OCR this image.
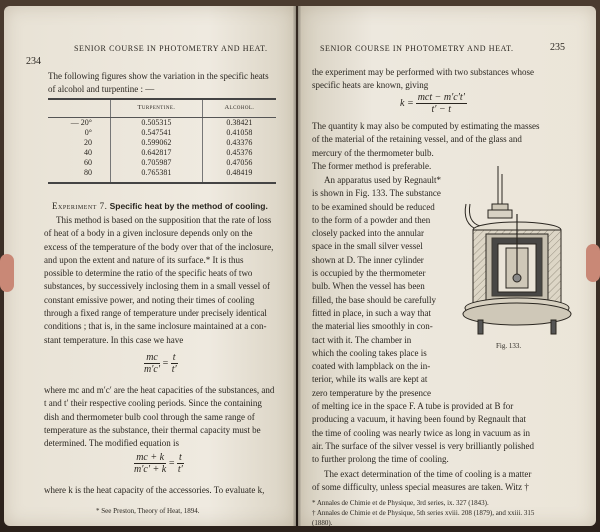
234
SENIOR COURSE IN PHOTOMETRY AND HEAT.

The following figures show the variation in the specific heats

of alcohol and turpentine : —

	Turpentine.	Alcohol.
— 20°	0.505315	0.38421
0°	0.547541	0.41058
20	0.599062	0.43376
40	0.642817	0.45376
60	0.705987	0.47056
80	0.765381	0.48419
Experiment 7. Specific heat by the method of cooling.

This method is based on the supposition that the rate of loss

of heat of a body in a given inclosure depends only on the

excess of the temperature of the body over that of the inclosure,

and upon the extent and nature of its surface.* It is thus

possible to determine the ratio of the specific heats of two

substances, by successively inclosing them in a small vessel of

constant emissive power, and noting their times of cooling

through a fixed range of temperature under precisely identical

conditions ; that is, in the same inclosure maintained at a con-

stant temperature. In this case we have

$\frac{mc}{m'c'} = \frac{t}{t'}$

where mc and m′c′ are the heat capacities of the substances, and

t and t′ their respective cooling periods. Since the containing

dish and thermometer bulb cool through the same range of

temperature as the substance, their thermal capacity must be

determined. The modified equation is

$\frac{mc + k}{m'c' + k} = \frac{t}{t'}$

where k is the heat capacity of the accessories. To evaluate k,

* See Preston, Theory of Heat, 1894.
SENIOR COURSE IN PHOTOMETRY AND HEAT.	235

the experiment may be performed with two substances whose

specific heats are known, giving

$k = \frac{\text{mct − m′c′t′}}{t' - t}$

The quantity k may also be computed by estimating the masses

of the material of the retaining vessel, and of the glass and

mercury of the thermometer bulb.

The former method is preferable.

An apparatus used by Regnault*

is shown in Fig. 133. The substance

to be examined should be reduced

to the form of a powder and then

closely packed into the annular

space in the small silver vessel

shown at D. The inner cylinder

is occupied by the thermometer

bulb. When the vessel has been

filled, the base should be carefully

fitted in place, in such a way that

the material lies smoothly in con-

tact with it. The chamber in

which the cooling takes place is

coated with lampblack on the in-

terior, while its walls are kept at

zero temperature by the presence

Fig. 133.

of melting ice in the space F. A tube is provided at B for

producing a vacuum, it having been found by Regnault that

the time of cooling was nearly twice as long in vacuum as in

air. The surface of the silver vessel is very brilliantly polished

to further prolong the time of cooling.

The exact determination of the time of cooling is a matter

of some difficulty, unless special measures are taken. Witz †

* Annales de Chimie et de Physique, 3rd series, ix. 327 (1843).
† Annales de Chimie et de Physique, 5th series xviii. 208 (1879), and xxiii. 315
(1880).
